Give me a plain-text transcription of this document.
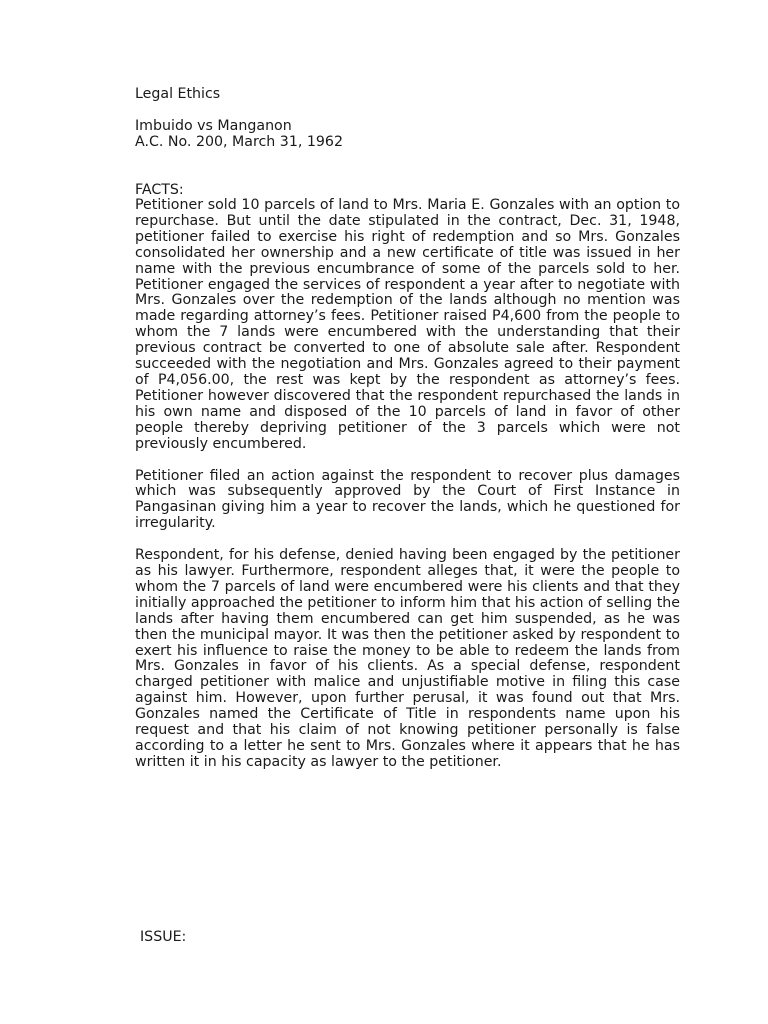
Legal Ethics

Imbuido vs Manganon

A.C. No. 200, March 31, 1962

FACTS:

Petitioner sold 10 parcels of land to Mrs. Maria E. Gonzales with an option to repurchase. But until the date stipulated in the contract, Dec. 31, 1948, petitioner failed to exercise his right of redemption and so Mrs. Gonzales consolidated her ownership and a new certificate of title was issued in her name with the previous encumbrance of some of the parcels sold to her. Petitioner engaged the services of respondent a year after to negotiate with Mrs. Gonzales over the redemption of the lands although no mention was made regarding attorney’s fees. Petitioner raised P4,600 from the people to whom the 7 lands were encumbered with the understanding that their previous contract be converted to one of absolute sale after. Respondent succeeded with the negotiation and Mrs. Gonzales agreed to their payment of P4,056.00, the rest was kept by the respondent as attorney’s fees. Petitioner however discovered that the respondent repurchased the lands in his own name and disposed of the 10 parcels of land in favor of other people thereby depriving petitioner of the 3 parcels which were not previously encumbered.

Petitioner filed an action against the respondent to recover plus damages which was subsequently approved by the Court of First Instance in Pangasinan giving him a year to recover the lands, which he questioned for irregularity.

Respondent, for his defense, denied having been engaged by the petitioner as his lawyer. Furthermore, respondent alleges that, it were the people to whom the 7 parcels of land were encumbered were his clients and that they initially approached the petitioner to inform him that his action of selling the lands after having them encumbered can get him suspended, as he was then the municipal mayor. It was then the petitioner asked by respondent to exert his influence to raise the money to be able to redeem the lands from Mrs. Gonzales in favor of his clients. As a special defense, respondent charged petitioner with malice and unjustifiable motive in filing this case against him. However, upon further perusal, it was found out that Mrs. Gonzales named the Certificate of Title in respondents name upon his request and that his claim of not knowing petitioner personally is false according to a letter he sent to Mrs. Gonzales where it appears that he has written it in his capacity as lawyer to the petitioner.

ISSUE:
